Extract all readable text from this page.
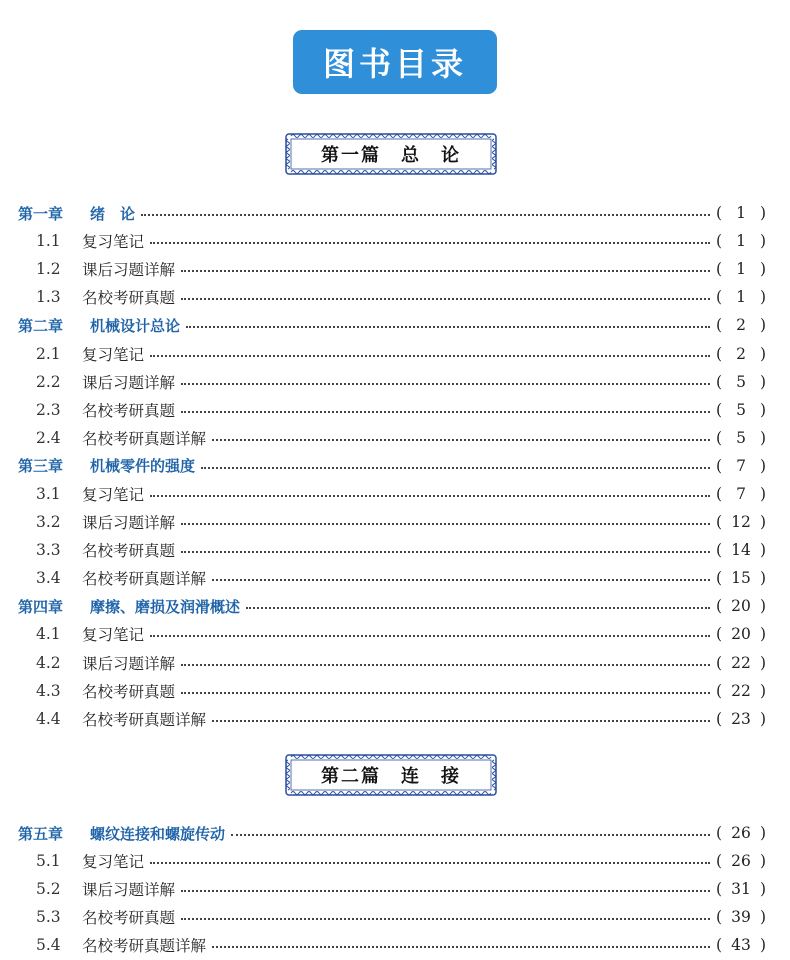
图书目录
第一篇　总　论
第一章	绪　论	( 1 )
1.1	复习笔记	( 1 )
1.2	课后习题详解	( 1 )
1.3	名校考研真题	( 1 )
第二章	机械设计总论	( 2 )
2.1	复习笔记	( 2 )
2.2	课后习题详解	( 5 )
2.3	名校考研真题	( 5 )
2.4	名校考研真题详解	( 5 )
第三章	机械零件的强度	( 7 )
3.1	复习笔记	( 7 )
3.2	课后习题详解	( 12 )
3.3	名校考研真题	( 14 )
3.4	名校考研真题详解	( 15 )
第四章	摩擦、磨损及润滑概述	( 20 )
4.1	复习笔记	( 20 )
4.2	课后习题详解	( 22 )
4.3	名校考研真题	( 22 )
4.4	名校考研真题详解	( 23 )
第二篇　连　接
第五章	螺纹连接和螺旋传动	( 26 )
5.1	复习笔记	( 26 )
5.2	课后习题详解	( 31 )
5.3	名校考研真题	( 39 )
5.4	名校考研真题详解	( 43 )
